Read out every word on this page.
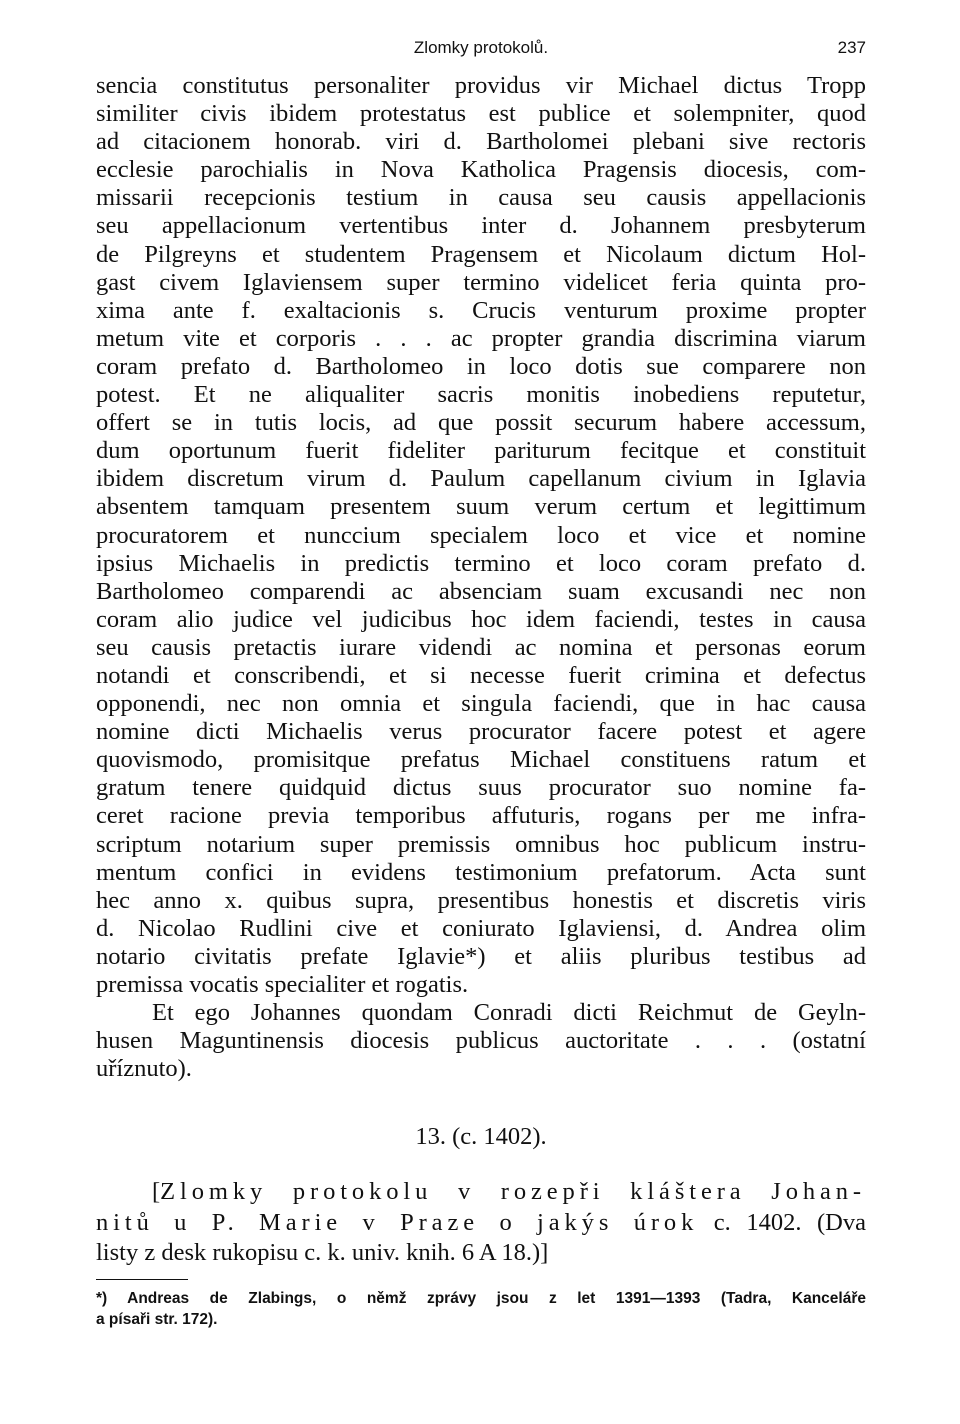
Zlomky protokolů.	237
sencia constitutus personaliter providus vir Michael dictus Tropp
similiter civis ibidem protestatus est publice et solempniter, quod
ad citacionem honorab. viri d. Bartholomei plebani sive rectoris
ecclesie parochialis in Nova Katholica Pragensis diocesis, com-
missarii recepcionis testium in causa seu causis appellacionis
seu appellacionum vertentibus inter d. Johannem presbyterum
de Pilgreyns et studentem Pragensem et Nicolaum dictum Hol-
gast civem Iglaviensem super termino videlicet feria quinta pro-
xima ante f. exaltacionis s. Crucis venturum proxime propter
metum vite et corporis . . . ac propter grandia discrimina viarum
coram prefato d. Bartholomeo in loco dotis sue comparere non
potest. Et ne aliqualiter sacris monitis inobediens reputetur,
offert se in tutis locis, ad que possit securum habere accessum,
dum oportunum fuerit fideliter pariturum fecitque et constituit
ibidem discretum virum d. Paulum capellanum civium in Iglavia
absentem tamquam presentem suum verum certum et legittimum
procuratorem et nunccium specialem loco et vice et nomine
ipsius Michaelis in predictis termino et loco coram prefato d.
Bartholomeo comparendi ac absenciam suam excusandi nec non
coram alio judice vel judicibus hoc idem faciendi, testes in causa
seu causis pretactis iurare videndi ac nomina et personas eorum
notandi et conscribendi, et si necesse fuerit crimina et defectus
opponendi, nec non omnia et singula faciendi, que in hac causa
nomine dicti Michaelis verus procurator facere potest et agere
quovismodo, promisitque prefatus Michael constituens ratum et
gratum tenere quidquid dictus suus procurator suo nomine fa-
ceret racione previa temporibus affuturis, rogans per me infra-
scriptum notarium super premissis omnibus hoc publicum instru-
mentum confici in evidens testimonium prefatorum. Acta sunt
hec anno x. quibus supra, presentibus honestis et discretis viris
d. Nicolao Rudlini cive et coniurato Iglaviensi, d. Andrea olim
notario civitatis prefate Iglavie*) et aliis pluribus testibus ad
premissa vocatis specialiter et rogatis.
Et ego Johannes quondam Conradi dicti Reichmut de Geyln-
husen Maguntinensis diocesis publicus auctoritate . . . (ostatní
uříznuto).
13. (c. 1402).
[Zlomky protokolu v rozepři kláštera Johan-
nitů u P. Marie v Praze o jakýs úrok c. 1402. (Dva
listy z desk rukopisu c. k. univ. knih. 6 A 18.)]
*) Andreas de Zlabings, o němž zprávy jsou z let 1391—1393 (Tadra, Kanceláře
a písaři str. 172).
